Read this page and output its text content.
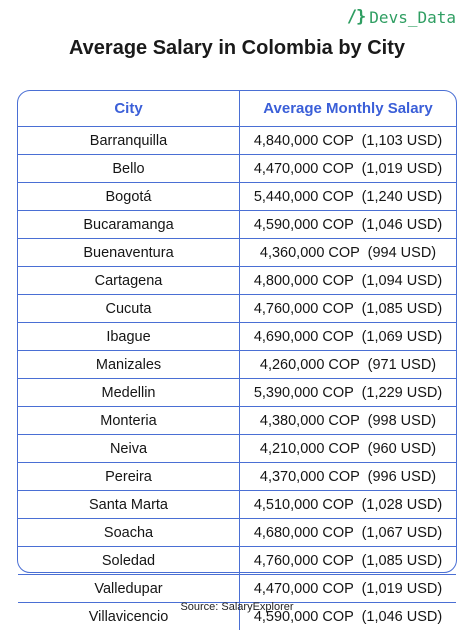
/} Devs_Data
Average Salary in Colombia by City
City	Average Monthly Salary
Barranquilla	4,840,000 COP  (1,103 USD)
Bello	4,470,000 COP  (1,019 USD)
Bogotá	5,440,000 COP  (1,240 USD)
Bucaramanga	4,590,000 COP  (1,046 USD)
Buenaventura	4,360,000 COP  (994 USD)
Cartagena	4,800,000 COP  (1,094 USD)
Cucuta	4,760,000 COP  (1,085 USD)
Ibague	4,690,000 COP  (1,069 USD)
Manizales	4,260,000 COP  (971 USD)
Medellin	5,390,000 COP  (1,229 USD)
Monteria	4,380,000 COP  (998 USD)
Neiva	4,210,000 COP  (960 USD)
Pereira	4,370,000 COP  (996 USD)
Santa Marta	4,510,000 COP  (1,028 USD)
Soacha	4,680,000 COP  (1,067 USD)
Soledad	4,760,000 COP  (1,085 USD)
Valledupar	4,470,000 COP  (1,019 USD)
Villavicencio	4,590,000 COP  (1,046 USD)
Source: SalaryExplorer
